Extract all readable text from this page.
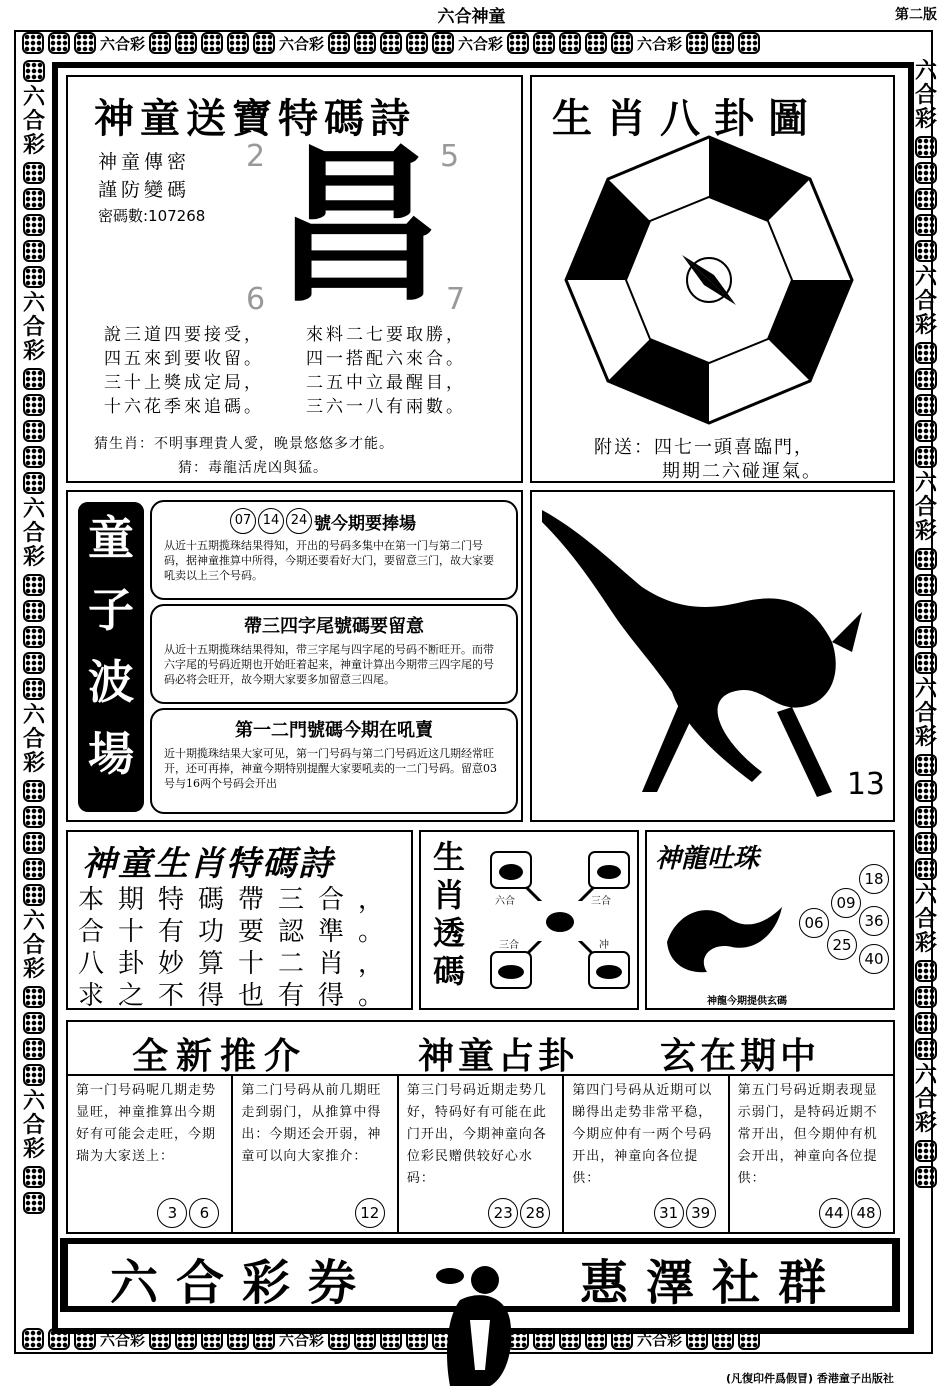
六合神童	第二版
六合彩	六合彩	六合彩	六合彩
六合彩
六合彩
六合彩
六合彩
六合彩
六合彩
六合彩
六合彩
六合彩
六合彩
六合彩
六合彩
六合彩	六合彩	六合彩
神童送寶特碼詩
神童傳密
謹防變碼
密碼數:107268
2	5
6	7
昌
說三道四要接受，
四五來到要收留。
三十上獎成定局，
十六花季來追碼。
來料二七要取勝，
四一搭配六來合。
二五中立最醒目，
三六一八有兩數。
猜生肖：不明事理貴人愛，晚景悠悠多才能。
猜：毒龍活虎凶與猛。
生肖八卦圖
附送：四七一頭喜臨門，
期期二六碰運氣。
童
子
波
場
07 14 24 號今期要捧場
从近十五期揽珠结果得知，开出的号码多集中在第一门与第二门号码，据神童推算中所得，今期还要看好大门，要留意三门，故大家要吼卖以上三个号码。
帶三四字尾號碼要留意
从近十五期揽珠结果得知，带三字尾与四字尾的号码不断旺开。而带六字尾的号码近期也开始旺着起来，神童计算出今期带三四字尾的号码必将会旺开，故今期大家要多加留意三四尾。
第一二門號碼今期在吼賣
近十期揽珠结果大家可见，第一门号码与第二门号码近这几期经常旺开，还可再捧，神童今期特别提醒大家要吼卖的一二门号码。留意03号与16两个号码会开出	13
神童生肖特碼詩
本期特碼帶三合，
合十有功要認準。
八卦妙算十二肖，
求之不得也有得。
生
肖
透
碼
六合	三合
三合	冲
神龍吐珠
神龍今期提供玄碼
18
09
36
06
25
40
全新推介	神童占卦 玄在期中
第一门号码呢几期走势显旺，神童推算出今期好有可能会走旺，今期瑞为大家送上：
3 6
第二门号码从前几期旺走到弱门，从推算中得出：今期还会开弱，神童可以向大家推介：
12
第三门号码近期走势几好，特码好有可能在此门开出，今期神童向各位彩民赠供较好心水码：
23 28
第四门号码从近期可以睇得出走势非常平稳，今期应仲有一两个号码开出，神童向各位提供：
31 39
第五门号码近期表现显示弱门，是特码近期不常开出，但今期仲有机会开出，神童向各位提供：
44 48
六合彩券	惠澤社群
(凡復印件爲假冒) 香港童子出版社
